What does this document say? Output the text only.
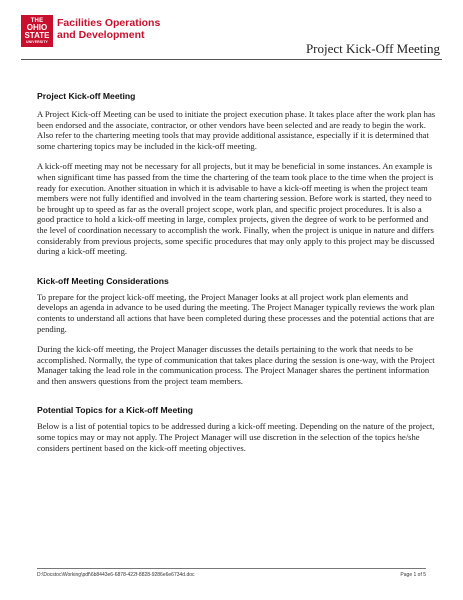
THE
OHIO
STATE
UNIVERSITY
Facilities Operations
and Development
Project Kick-Off Meeting
Project Kick-off Meeting

A Project Kick-off Meeting can be used to initiate the project execution phase. It takes place after the work plan has been endorsed and the associate, contractor, or other vendors have been selected and are ready to begin the work. Also refer to the chartering meeting tools that may provide additional assistance, especially if it is determined that some chartering topics may be included in the kick-off meeting.

A kick-off meeting may not be necessary for all projects, but it may be beneficial in some instances. An example is when significant time has passed from the time the chartering of the team took place to the time when the project is ready for execution. Another situation in which it is advisable to have a kick-off meeting is when the project team members were not fully identified and involved in the team chartering session. Before work is started, they need to be brought up to speed as far as the overall project scope, work plan, and specific project procedures. It is also a good practice to hold a kick-off meeting in large, complex projects, given the degree of work to be performed and the level of coordination necessary to accomplish the work. Finally, when the project is unique in nature and differs considerably from previous projects, some specific procedures that may only apply to this project may be discussed during a kick-off meeting.

Kick-off Meeting Considerations

To prepare for the project kick-off meeting, the Project Manager looks at all project work plan elements and develops an agenda in advance to be used during the meeting. The Project Manager typically reviews the work plan contents to understand all actions that have been completed during these processes and the potential actions that are pending.

During the kick-off meeting, the Project Manager discusses the details pertaining to the work that needs to be accomplished. Normally, the type of communication that takes place during the session is one-way, with the Project Manager taking the lead role in the communication process. The Project Manager shares the pertinent information and then answers questions from the project team members.

Potential Topics for a Kick-off Meeting

Below is a list of potential topics to be addressed during a kick-off meeting. Depending on the nature of the project, some topics may or may not apply. The Project Manager will use discretion in the selection of the topics he/she considers pertinent based on the kick-off meeting objectives.

D:\Docstoc\Working\pdf\6b8443e6-6878-422f-8828-9286e6e6734d.doc	Page 1 of 5
